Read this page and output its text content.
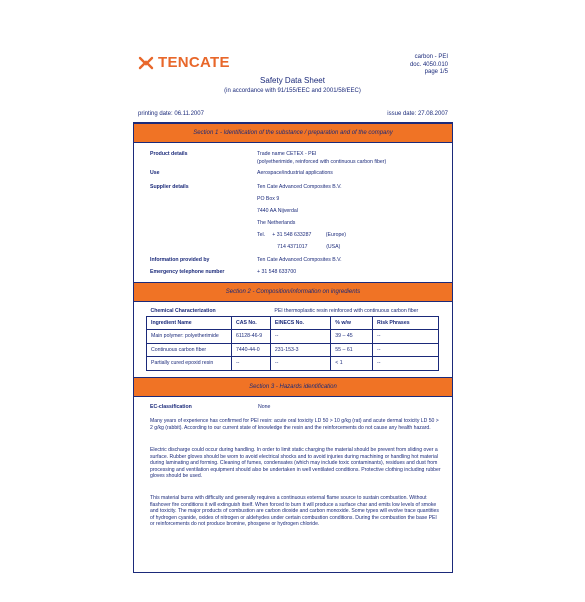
TENCATE	carbon - PEI
doc. 4050.010
page 1/5
Safety Data Sheet
(in accordance with 91/155/EEC and 2001/58/EEC)
printing date: 06.11.2007	issue date: 27.08.2007
Section 1 - Identification of the substance / preparation and of the company
Product details	Trade name CETEX - PEI
(polyetherimide, reinforced with continuous carbon fiber)
Use	Aerospace/industrial applications
Supplier details	Ten Cate Advanced Composites B.V.
PO Box 9
7440 AA Nijverdal
The Netherlands
Tel.     + 31 548 633287          (Europe)
714 4371017             (USA)
Information provided by	Ten Cate Advanced Composites B.V.
Emergency telephone number	+ 31 548 633700
Section 2 - Composition/information on ingredients
Chemical Characterization		PEI thermoplastic resin reinforced with continuous carbon fiber		
Ingredient Name	CAS No.	EINECS No.	% w/w	Risk Phrases
Main polymer: polyetherimide	61128-46-9	--	39 – 45	--
Continuous carbon fiber	7440-44-0	231-153-3	55 – 61	--
Partially cured epoxid resin	--	--	< 1	--
Section 3 - Hazards identification
EC-classification	None
Many years of experience has confirmed for PEI resin: acute oral toxicity LD 50 > 10 g/kg (rat) and acute dermal toxicity LD 50 > 2 g/kg (rabbit). According to our current state of knowledge the resin and the reinforcements do not cause any health hazard.
Electric discharge could occur during handling. In order to limit static charging the material should be prevent from sliding over a surface. Rubber gloves should be worn to avoid electrical shocks and to avoid injuries during machining or handling hot material during laminating and forming. Cleaning of fumes, condensates (which may include toxic contaminants), residues and dust from processing and ventilation equipment should also be undertaken in well ventilated conditions. Protective clothing including rubber gloves should be used.
This material burns with difficulty and generally requires a continuous external flame source to sustain combustion. Without flashover fire conditions it will extinguish itself. When forced to burn it will produce a surface char and emits low levels of smoke and toxicity. The major products of combustion are carbon dioxide and carbon monoxide. Some types will evolve trace quantities of hydrogen cyanide, oxides of nitrogen or aldehydes under certain combustion conditions. During the combustion the base PEI or reinforcements do not produce bromine, phosgene or hydrogen chloride.
